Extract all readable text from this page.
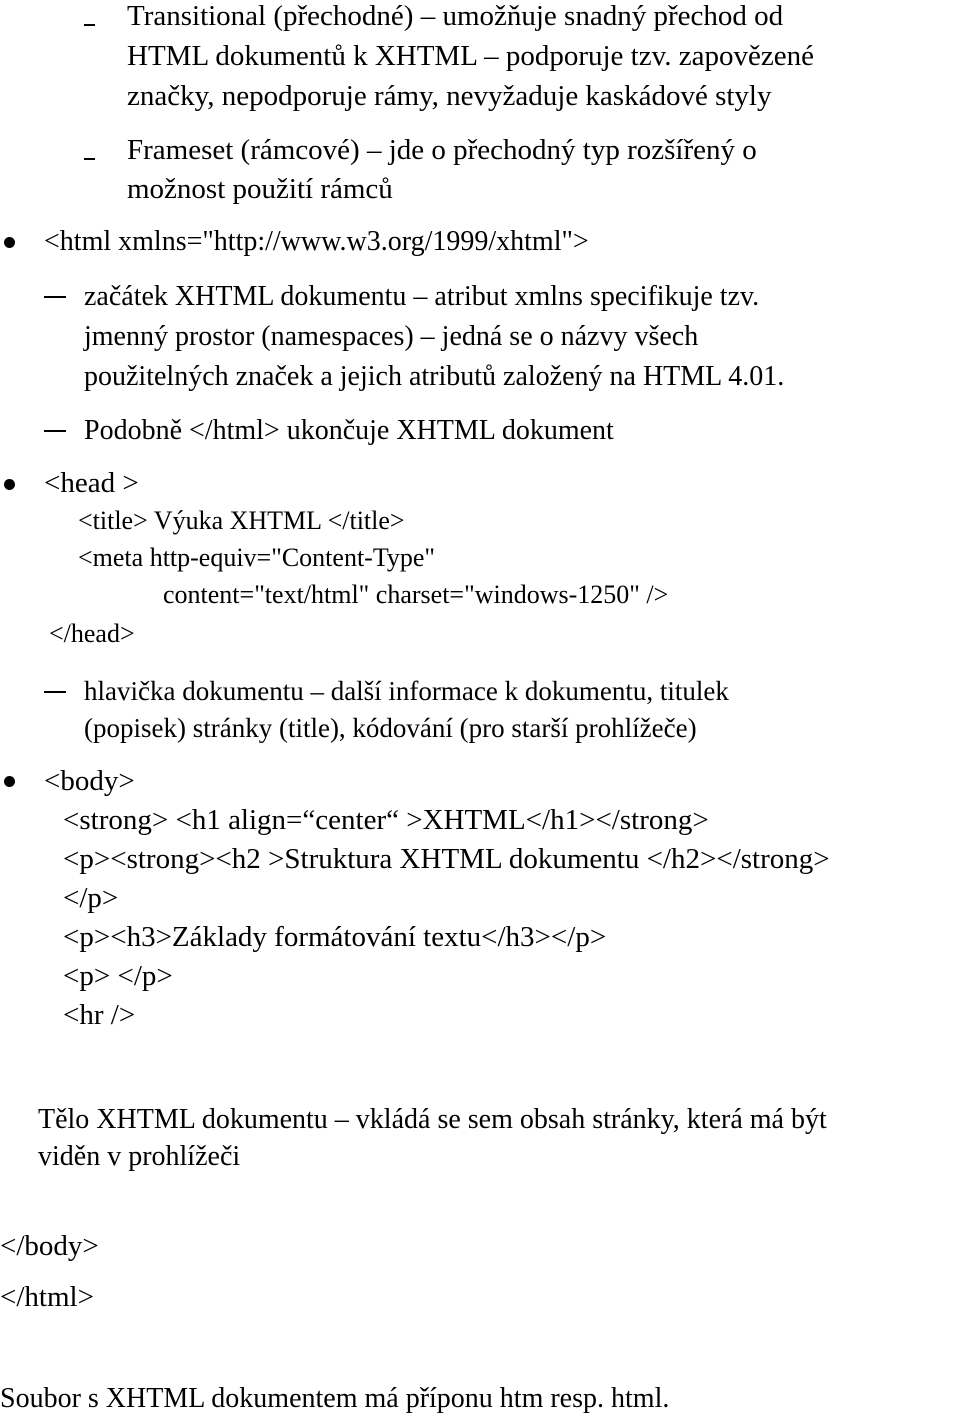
Transitional (přechodné) – umožňuje snadný přechod od
HTML dokumentů k XHTML – podporuje tzv. zapovězené
značky, nepodporuje rámy, nevyžaduje kaskádové styly
Frameset (rámcové) – jde o přechodný typ rozšířený o
možnost použití rámců
<html xmlns="http://www.w3.org/1999/xhtml">
začátek XHTML dokumentu – atribut xmlns specifikuje tzv.
jmenný prostor (namespaces) – jedná se o názvy všech
použitelných značek a jejich atributů založený na HTML 4.01.
Podobně </html> ukončuje XHTML dokument
<head >
<title> Výuka XHTML </title>
<meta http-equiv="Content-Type"
content="text/html" charset="windows-1250" />
</head>
hlavička dokumentu – další informace k dokumentu, titulek
(popisek) stránky (title), kódování (pro starší prohlížeče)
<body>
<strong> <h1 align=“center“ >XHTML</h1></strong>
<p><strong><h2 >Struktura XHTML dokumentu </h2></strong>
</p>
<p><h3>Základy formátování textu</h3></p>
<p> </p>
<hr />
Tělo XHTML dokumentu – vkládá se sem obsah stránky, která má být
viděn v prohlížeči
</body>
</html>
Soubor s XHTML dokumentem má příponu htm resp. html.
